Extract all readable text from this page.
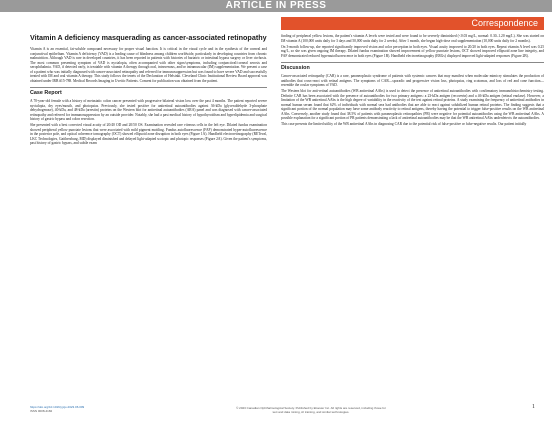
ARTICLE IN PRESS
Correspondence
Vitamin A deficiency masquerading as cancer-associated retinopathy

Vitamin A is an essential, fat-soluble compound necessary for proper visual function. It is critical in the visual cycle and in the synthesis of the corneal and conjunctival epithelium. Vitamin A deficiency (VAD) is a leading cause of blindness among children worldwide, particularly in developing countries from chronic malnutrition. Although VAD is rare in developed countries, it has been reported in patients with histories of bariatric or intestinal bypass surgery or liver cirrhosis. The most common presenting symptom of VAD is nyctalopia, often accompanied with other signs/symptoms, including conjunctival/corneal xerosis and xerophthalmia. VAD, if detected early, is treatable with vitamin A therapy through oral, intravenous, and/or intramuscular (IM) supplementation. We present a case of a patient who was initially diagnosed with cancer-associated retinopathy and referred for immunosuppression but was found to have severe VAD and successfully treated with IM and oral vitamin A therapy. This study follows the tenets of the Declaration of Helsinki. Cleveland Clinic Institutional Review Board approval was obtained under IRB #15-788. Medical Records Imaging in Uveitic Patients. Consent for publication was obtained from the patient.

Case Report

A 70-year-old female with a history of metastatic colon cancer presented with progressive bilateral vision loss over the past 4 months. The patient reported severe nyctalopia, dry eyes/mouth, and photopsias. Previously, she tested positive for antiretinal autoantibodies against 36-kDa (glyceraldehyde 3-phosphate dehydrogenase), 40-kDa, and 48-kDa (arrestin) proteins on the Western blot for antiretinal autoantibodies (ARA) panel and was diagnosed with cancer-associated retinopathy and referred for immunosuppression by an outside provider. Notably, she had a past medical history of hypothyroidism and hyperlipidemia and surgical history of gastric bypass and colon resection.

She presented with a best corrected visual acuity of 20/40 OD and 20/50 OS. Examination revealed rare vitreous cells in the left eye. Dilated fundus examination showed peripheral yellow punctate lesions that were associated with mild pigment mottling. Fundus autofluorescence (FAF) demonstrated hyper-autofluorescence in the posterior pole, and optical coherence tomography (OCT) showed ellipsoid zone disruption in both eyes (Figure 1A). Handheld electroretinography (RETeval, LKC Technologies, Gaithersburg, MD) displayed diminished and delayed light-adapted scotopic and photopic responses (Figure 2A). Given the patient's symptoms, past history of gastric bypass, and subtle exam

finding of peripheral yellow lesions, the patient's vitamin A levels were tested and were found to be severely diminished (<0.03 mg/L, normal: 0.30–1.20 mg/L). She was started on IM vitamin A (100,000 units daily for 3 days and 50,000 units daily for 2 weeks). After 1 month, she began high-dose oral supplementation (10,000 units daily for 2 months).

On 3-month follow-up, she reported significantly improved vision and color perception in both eyes. Visual acuity improved to 20/20 in both eyes. Repeat vitamin A level was 0.25 mg/L, so she was given ongoing IM therapy. Dilated fundus examination showed improvement of yellow punctate lesions, OCT showed improved ellipsoid zone line integrity, and FAF demonstrated reduced hyperautofluorescence in both eyes (Figure 1B). Handheld electroretinography (ERGs) displayed improved light-adapted responses (Figure 2B).

Discussion

Cancer-associated retinopathy (CAR) is a rare, paraneoplastic syndrome of patients with systemic cancers that may manifest when molecular mimicry stimulates the production of antibodies that cross-react with retinal antigens. The symptoms of CAR—sporadic and progressive vision loss, photopsias, ring scotomas, and loss of red and cone function—resemble the ocular symptoms of VAD.

The Western blot for anti-retinal autoantibodies (WB antiretinal AAbs) is used to detect the presence of antiretinal autoantibodies with confirmatory immunohistochemistry testing. Definite CAR has been associated with the presence of autoantibodies for two primary antigens: a 23-kDa antigen (recoverin) and a 46-kDa antigen (retinal enolase). However, a limitation of the WB antiretinal AAbs is the high degree of variability in the reactivity of the test against retinal proteins. A study examining the frequency of antiretinal antibodies in normal human serum found that 62% of individuals with normal sera had antibodies that are able to react against solubilized human retinal proteins. The finding suggests that a significant portion of the normal population may have some antibody reactivity to retinal antigens, thereby having the potential to trigger false-positive results on the WB antiretinal AAbs. Conversely, another study found that 38.5% of patients with paraneoplastic retinopathies (PR) were negative for potential autoantibodies using the WB antiretinal AAbs. A possible explanation for a significant portion of PR patients demonstrating a lack of antiretinal autoantibodies may be that the WB antiretinal AAbs underdetects the autoantibodies.

This case presents the limited utility of the WB antiretinal AAbs in diagnosing CAR due to the potential risk of false-positive or false-negative results. Our patient initially

https://doi.org/10.1016/j.jcjo.2023.06.009
ISSN 0008-4182
© 2023 Canadian Ophthalmological Society. Published by Elsevier Inc. All rights are reserved, including those for text and data mining, AI training, and similar technologies.
1
